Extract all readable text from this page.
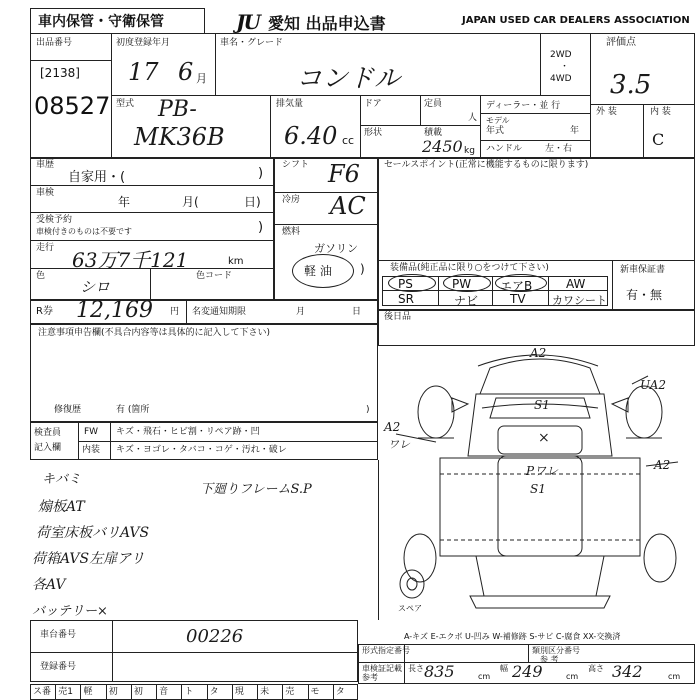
車内保管・守衛保管	JU 愛知 出品申込書	JAPAN USED CAR DEALERS ASSOCIATION
出品番号
[2138]
08527
初度登録年月
17 6 月
車名・グレード
コンドル
2WD
・
4WD
評価点
3.5
外 装	内 装
C
型式 PB-
MK36B
排気量
6.40 cc
ドア	定員
人
形状	積載
2450 kg
ディーラー・並 行
モデル
年式	年
ハンドル	左・右
車歴
自家用・(	)
車検
年	月(	日)
受検予約
車検付きのものは不要です	)
走行 63万7千121	km
色
シロ
色コード
シフト F6
冷房 AC
燃料
ガソリン
軽 油 )
セールスポイント(正常に機能するものに限ります)
装備品(純正品に限り○をつけて下さい)
PS	PW エアB	AW
SR	ナビ	TV カワシート
新車保証書
有・無
R券 12,169 円 名変通知期限	月	日	後日品
注意事項申告欄(不具合内容等は具体的に記入して下さい)
修復歴	有 (箇所	)
検査員
記入欄
FW キズ・飛石・ヒビ割・リペア跡・凹
内装 キズ・ヨゴレ・タバコ・コゲ・汚れ・破レ
キバミ
下廻りフレームS.P
煽板AT
荷室床板バリAVS
荷箱AVS左扉アリ
各AV
バッテリー×
A2
UA2
A2
ワレ
A2
S1
×
Pワレ
S1
スペア
A-キズ E-エクボ U-凹み W-補修跡 S-サビ C-腐食 XX-交換済
車台番号	00226
登録番号
形式指定番号	類別区分番号
参 考
車検証記載
参考
長さ 835	cm
幅 249	cm
高さ 342	cm
ス番 売1 軽 初 初 音 ト タ 現 未 売 モ タ
